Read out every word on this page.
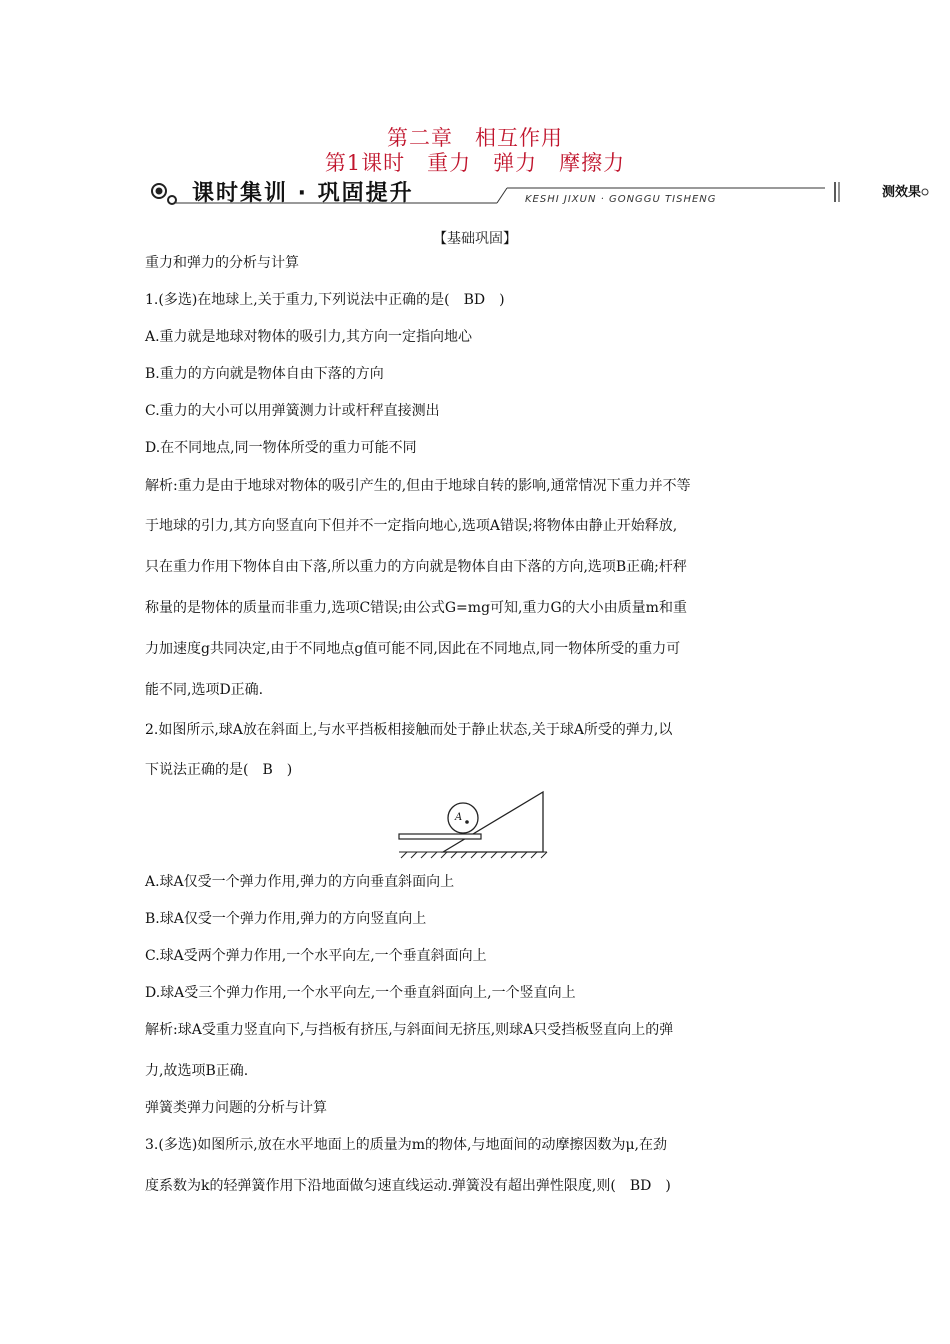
第二章　相互作用
第1课时　重力　弹力　摩擦力
课时集训 · 巩固提升	KESHI JIXUN · GONGGU TISHENG	测效果
【基础巩固】
重力和弹力的分析与计算
1.(多选)在地球上,关于重力,下列说法中正确的是(　BD　)
A.重力就是地球对物体的吸引力,其方向一定指向地心
B.重力的方向就是物体自由下落的方向
C.重力的大小可以用弹簧测力计或杆秤直接测出
D.在不同地点,同一物体所受的重力可能不同
解析:重力是由于地球对物体的吸引产生的,但由于地球自转的影响,通常情况下重力并不等
于地球的引力,其方向竖直向下但并不一定指向地心,选项A错误;将物体由静止开始释放,
只在重力作用下物体自由下落,所以重力的方向就是物体自由下落的方向,选项B正确;杆秤
称量的是物体的质量而非重力,选项C错误;由公式G=mg可知,重力G的大小由质量m和重
力加速度g共同决定,由于不同地点g值可能不同,因此在不同地点,同一物体所受的重力可
能不同,选项D正确.
2.如图所示,球A放在斜面上,与水平挡板相接触而处于静止状态,关于球A所受的弹力,以
下说法正确的是(　B　)
A
A.球A仅受一个弹力作用,弹力的方向垂直斜面向上
B.球A仅受一个弹力作用,弹力的方向竖直向上
C.球A受两个弹力作用,一个水平向左,一个垂直斜面向上
D.球A受三个弹力作用,一个水平向左,一个垂直斜面向上,一个竖直向上
解析:球A受重力竖直向下,与挡板有挤压,与斜面间无挤压,则球A只受挡板竖直向上的弹
力,故选项B正确.
弹簧类弹力问题的分析与计算
3.(多选)如图所示,放在水平地面上的质量为m的物体,与地面间的动摩擦因数为μ,在劲
度系数为k的轻弹簧作用下沿地面做匀速直线运动.弹簧没有超出弹性限度,则(　BD　)
